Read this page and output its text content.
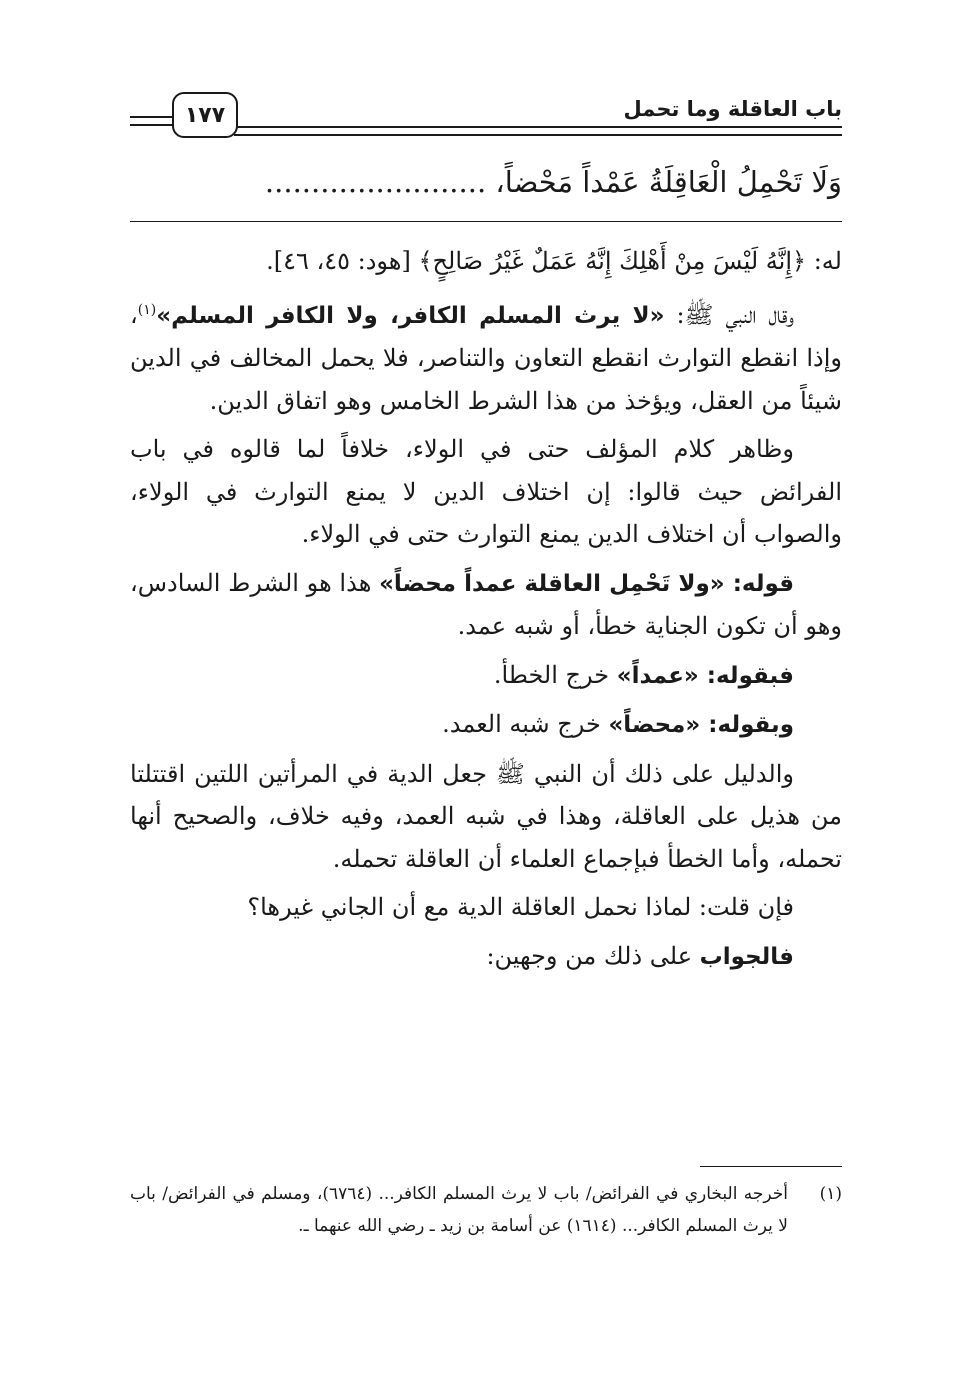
باب العاقلة وما تحمل
١٧٧
وَلَا تَحْمِلُ الْعَاقِلَةُ عَمْداً مَحْضاً، ........................

له: ﴿إِنَّهُ لَيْسَ مِنْ أَهْلِكَ إِنَّهُ عَمَلٌ غَيْرُ صَالِحٍ﴾ [هود: ٤٥، ٤٦].

وقال النبي ﷺ: «لا يرث المسلم الكافر، ولا الكافر المسلم»$^{(١)}$، وإذا انقطع التوارث انقطع التعاون والتناصر، فلا يحمل المخالف في الدين شيئاً من العقل، ويؤخذ من هذا الشرط الخامس وهو اتفاق الدين.

وظاهر كلام المؤلف حتى في الولاء، خلافاً لما قالوه في باب الفرائض حيث قالوا: إن اختلاف الدين لا يمنع التوارث في الولاء، والصواب أن اختلاف الدين يمنع التوارث حتى في الولاء.

قوله: «ولا تَحْمِل العاقلة عمداً محضاً» هذا هو الشرط السادس، وهو أن تكون الجناية خطأ، أو شبه عمد.

فبقوله: «عمداً» خرج الخطأ.

وبقوله: «محضاً» خرج شبه العمد.

والدليل على ذلك أن النبي ﷺ جعل الدية في المرأتين اللتين اقتتلتا من هذيل على العاقلة، وهذا في شبه العمد، وفيه خلاف، والصحيح أنها تحمله، وأما الخطأ فبإجماع العلماء أن العاقلة تحمله.

فإن قلت: لماذا نحمل العاقلة الدية مع أن الجاني غيرها؟

فالجواب على ذلك من وجهين:

(١)
أخرجه البخاري في الفرائض/ باب لا يرث المسلم الكافر... (٦٧٦٤)، ومسلم في الفرائض/ باب لا يرث المسلم الكافر... (١٦١٤) عن أسامة بن زيد ـ رضي الله عنهما ـ.
